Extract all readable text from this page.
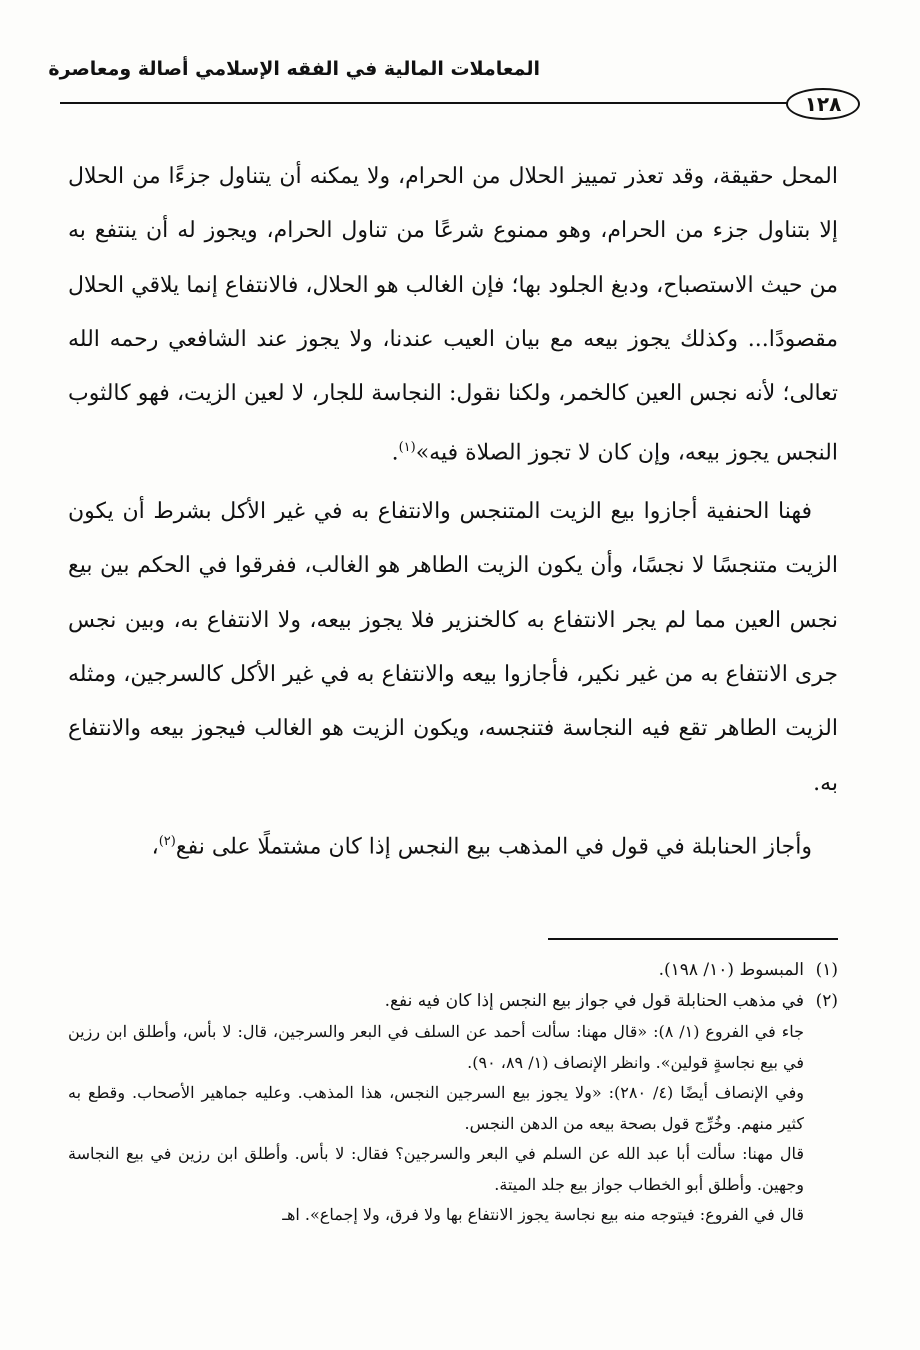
المعاملات المالية في الفقه الإسلامي أصالة ومعاصرة
١٢٨

المحل حقيقة، وقد تعذر تمييز الحلال من الحرام، ولا يمكنه أن يتناول جزءًا من الحلال إلا بتناول جزء من الحرام، وهو ممنوع شرعًا من تناول الحرام، ويجوز له أن ينتفع به من حيث الاستصباح، ودبغ الجلود بها؛ فإن الغالب هو الحلال، فالانتفاع إنما يلاقي الحلال مقصودًا... وكذلك يجوز بيعه مع بيان العيب عندنا، ولا يجوز عند الشافعي رحمه الله تعالى؛ لأنه نجس العين كالخمر، ولكنا نقول: النجاسة للجار، لا لعين الزيت، فهو كالثوب النجس يجوز بيعه، وإن كان لا تجوز الصلاة فيه»$^{(١)}$.

فهنا الحنفية أجازوا بيع الزيت المتنجس والانتفاع به في غير الأكل بشرط أن يكون الزيت متنجسًا لا نجسًا، وأن يكون الزيت الطاهر هو الغالب، ففرقوا في الحكم بين بيع نجس العين مما لم يجر الانتفاع به كالخنزير فلا يجوز بيعه، ولا الانتفاع به، وبين نجس جرى الانتفاع به من غير نكير، فأجازوا بيعه والانتفاع به في غير الأكل كالسرجين، ومثله الزيت الطاهر تقع فيه النجاسة فتنجسه، ويكون الزيت هو الغالب فيجوز بيعه والانتفاع به.

وأجاز الحنابلة في قول في المذهب بيع النجس إذا كان مشتملًا على نفع$^{(٢)}$،

(١)
المبسوط (١٠/ ١٩٨).
(٢)
في مذهب الحنابلة قول في جواز بيع النجس إذا كان فيه نفع.
جاء في الفروع (١/ ٨): «قال مهنا: سألت أحمد عن السلف في البعر والسرجين، قال: لا بأس، وأطلق ابن رزين في بيع نجاسةٍ قولين». وانظر الإنصاف (١/ ٨٩، ٩٠).
وفي الإنصاف أيضًا (٤/ ٢٨٠): «ولا يجوز بيع السرجين النجس، هذا المذهب. وعليه جماهير الأصحاب. وقطع به كثير منهم. وخُرِّج قول بصحة بيعه من الدهن النجس.
قال مهنا: سألت أبا عبد الله عن السلم في البعر والسرجين؟ فقال: لا بأس. وأطلق ابن رزين في بيع النجاسة وجهين. وأطلق أبو الخطاب جواز بيع جلد الميتة.
قال في الفروع: فيتوجه منه بيع نجاسة يجوز الانتفاع بها ولا فرق، ولا إجماع». اهـ
